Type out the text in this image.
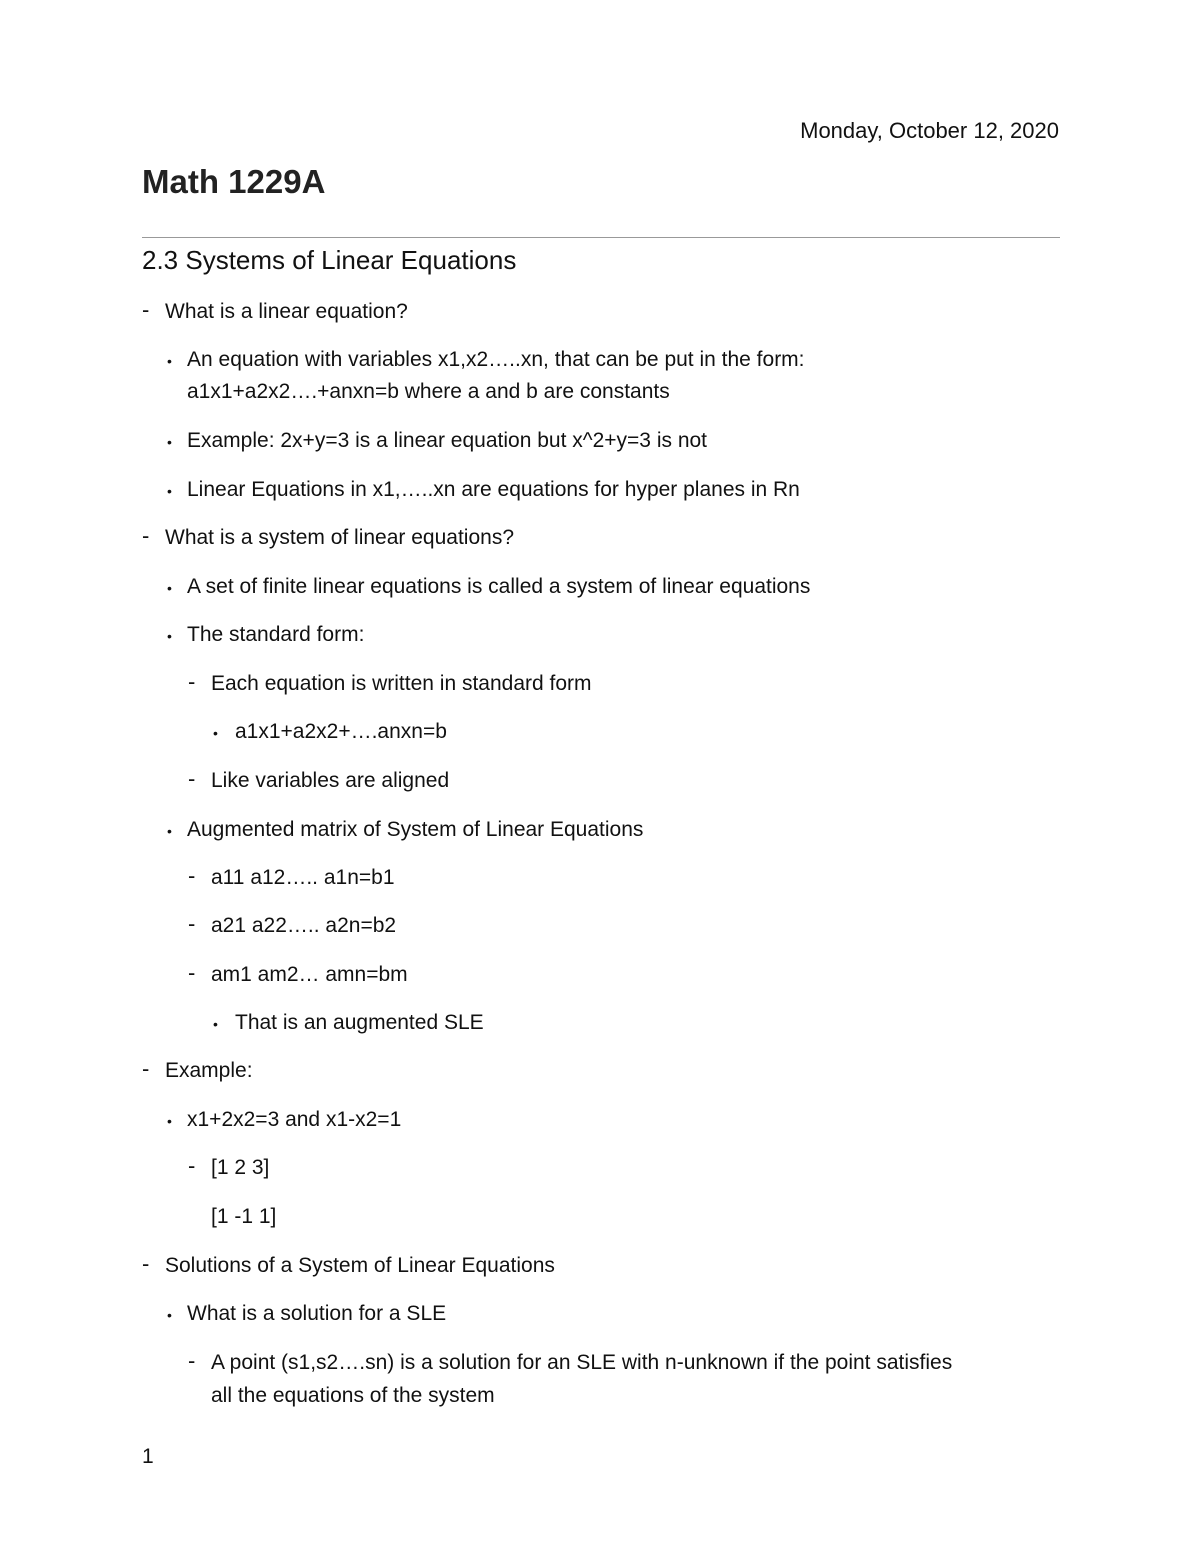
Monday, October 12, 2020
Math 1229A
2.3 Systems of Linear Equations
- What is a linear equation?
• An equation with variables x1,x2…..xn, that can be put in the form:
a1x1+a2x2….+anxn=b where a and b are constants
• Example: 2x+y=3 is a linear equation but x^2+y=3 is not
• Linear Equations in x1,…..xn are equations for hyper planes in Rn
- What is a system of linear equations?
• A set of finite linear equations is called a system of linear equations
• The standard form:
- Each equation is written in standard form
• a1x1+a2x2+….anxn=b
- Like variables are aligned
• Augmented matrix of System of Linear Equations
- a11 a12….. a1n=b1
- a21 a22….. a2n=b2
- am1 am2… amn=bm
• That is an augmented SLE
- Example:
• x1+2x2=3 and x1-x2=1
- [1 2 3]
[1 -1 1]
- Solutions of a System of Linear Equations
• What is a solution for a SLE
- A point (s1,s2….sn) is a solution for an SLE with n-unknown if the point satisfies
all the equations of the system
1
